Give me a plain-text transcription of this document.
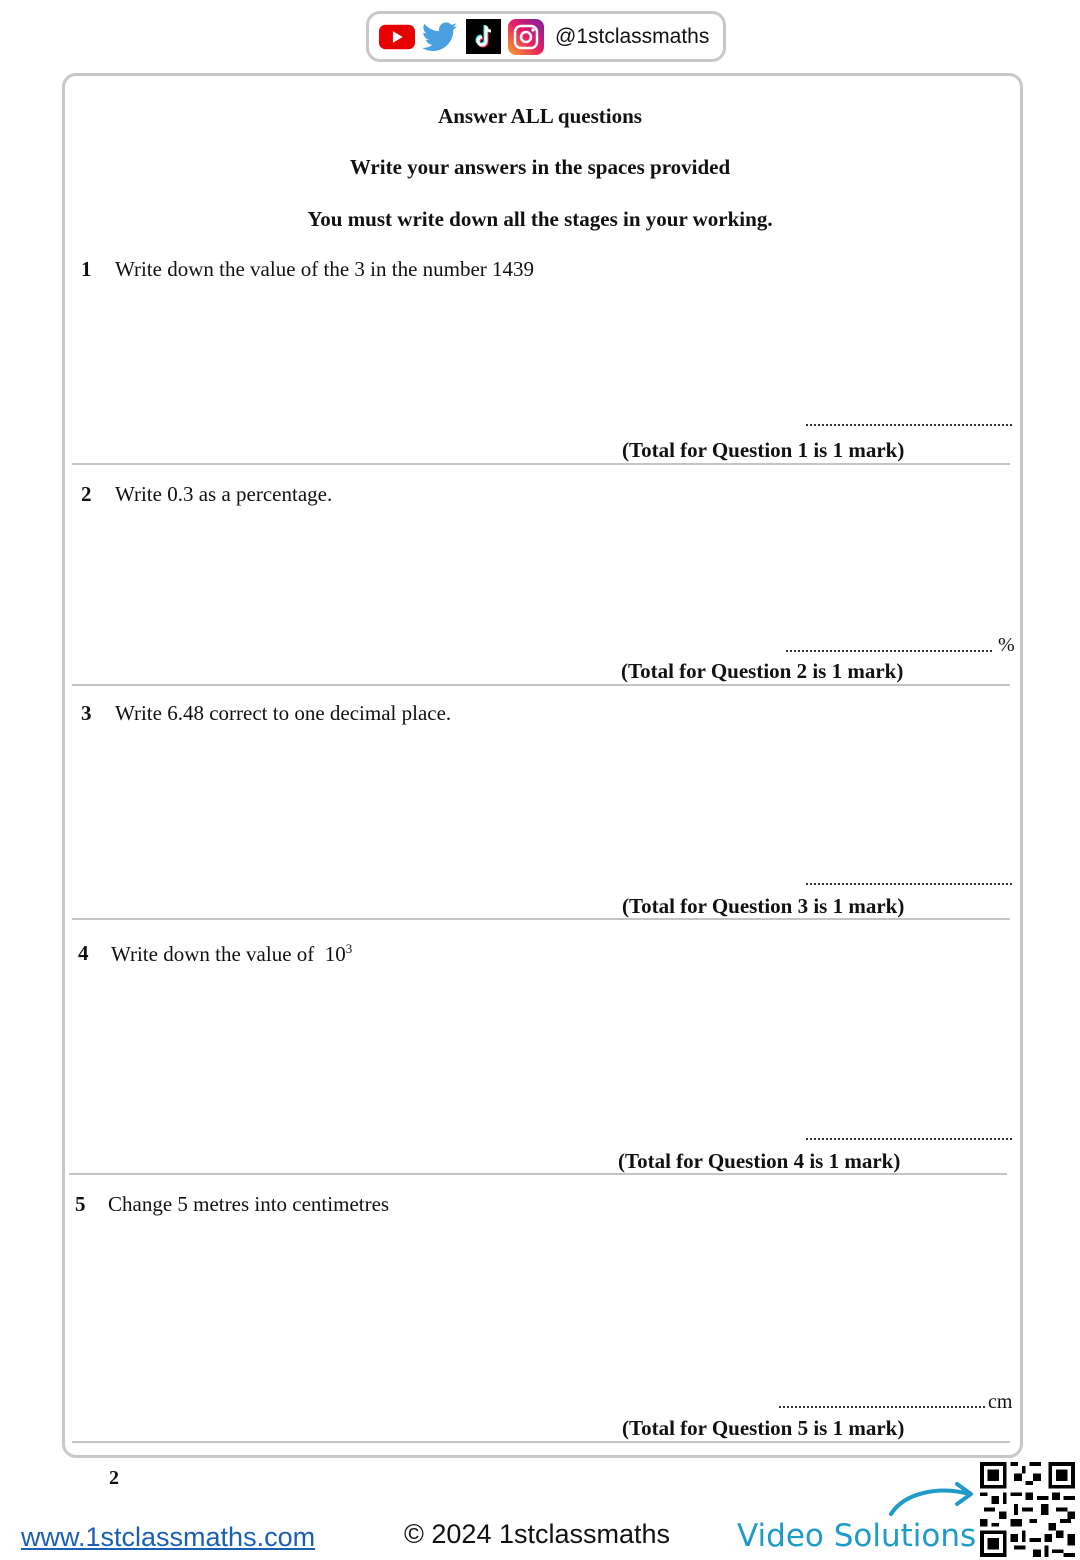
@1stclassmaths
Answer ALL questions
Write your answers in the spaces provided
You must write down all the stages in your working.
1 Write down the value of the 3 in the number 1439
(Total for Question 1 is 1 mark)
2 Write 0.3 as a percentage.
%
(Total for Question 2 is 1 mark)
3 Write 6.48 correct to one decimal place.
(Total for Question 3 is 1 mark)
4 Write down the value of  $10^3$
(Total for Question 4 is 1 mark)
5 Change 5 metres into centimetres
cm
(Total for Question 5 is 1 mark)
2
www.1stclassmaths.com	© 2024 1stclassmaths Video Solutions
